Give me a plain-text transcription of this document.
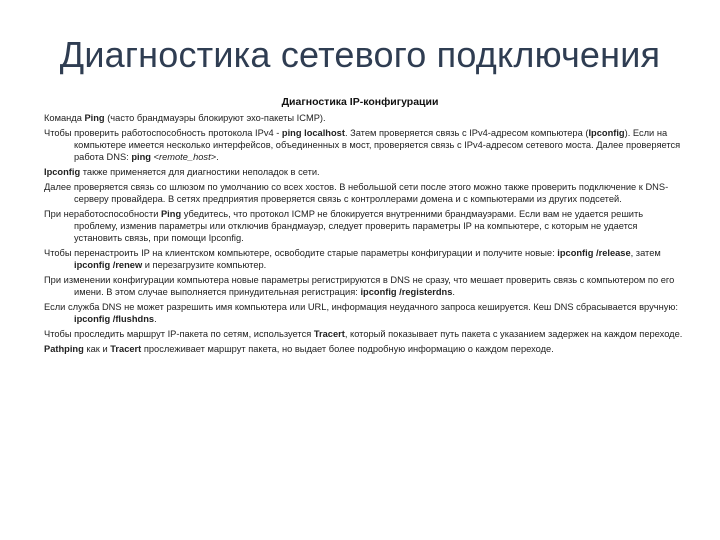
Диагностика сетевого подключения
Диагностика IP-конфигурации

Команда Ping (часто брандмауэры блокируют эхо-пакеты ICMP).

Чтобы проверить работоспособность протокола IPv4 - ping localhost. Затем проверяется связь с IPv4-адресом компьютера (Ipconfig). Если на компьютере имеется несколько интерфейсов, объединенных в мост, проверяется связь с IPv4-адресом сетевого моста. Далее проверяется работа DNS: ping <remote_host>.

Ipconfig также применяется для диагностики неполадок в сети.

Далее проверяется связь со шлюзом по умолчанию со всех хостов. В небольшой сети после этого можно также проверить подключение к DNS-серверу провайдера. В сетях предприятия проверяется связь с контроллерами домена и с компьютерами из других подсетей.

При неработоспособности Ping убедитесь, что протокол ICMP не блокируется внутренними брандмауэрами. Если вам не удается решить проблему, изменив параметры или отключив брандмауэр, следует проверить параметры IP на компьютере, с которым не удается установить связь, при помощи Ipconfig.

Чтобы перенастроить IP на клиентском компьютере, освободите старые параметры конфигурации и получите новые: ipconfig /release, затем ipconfig /renew и перезагрузите компьютер.

При изменении конфигурации компьютера новые параметры регистрируются в DNS не сразу, что мешает проверить связь с компьютером по его имени. В этом случае выполняется принудительная регистрация: ipconfig /registerdns.

Если служба DNS не может разрешить имя компьютера или URL, информация неудачного запроса кешируется. Кеш DNS сбрасывается вручную: ipconfig /flushdns.

Чтобы проследить маршрут IP-пакета по сетям, используется Tracert, который показывает путь пакета с указанием задержек на каждом переходе.

Pathping как и Tracert прослеживает маршрут пакета, но выдает более подробную информацию о каждом переходе.
